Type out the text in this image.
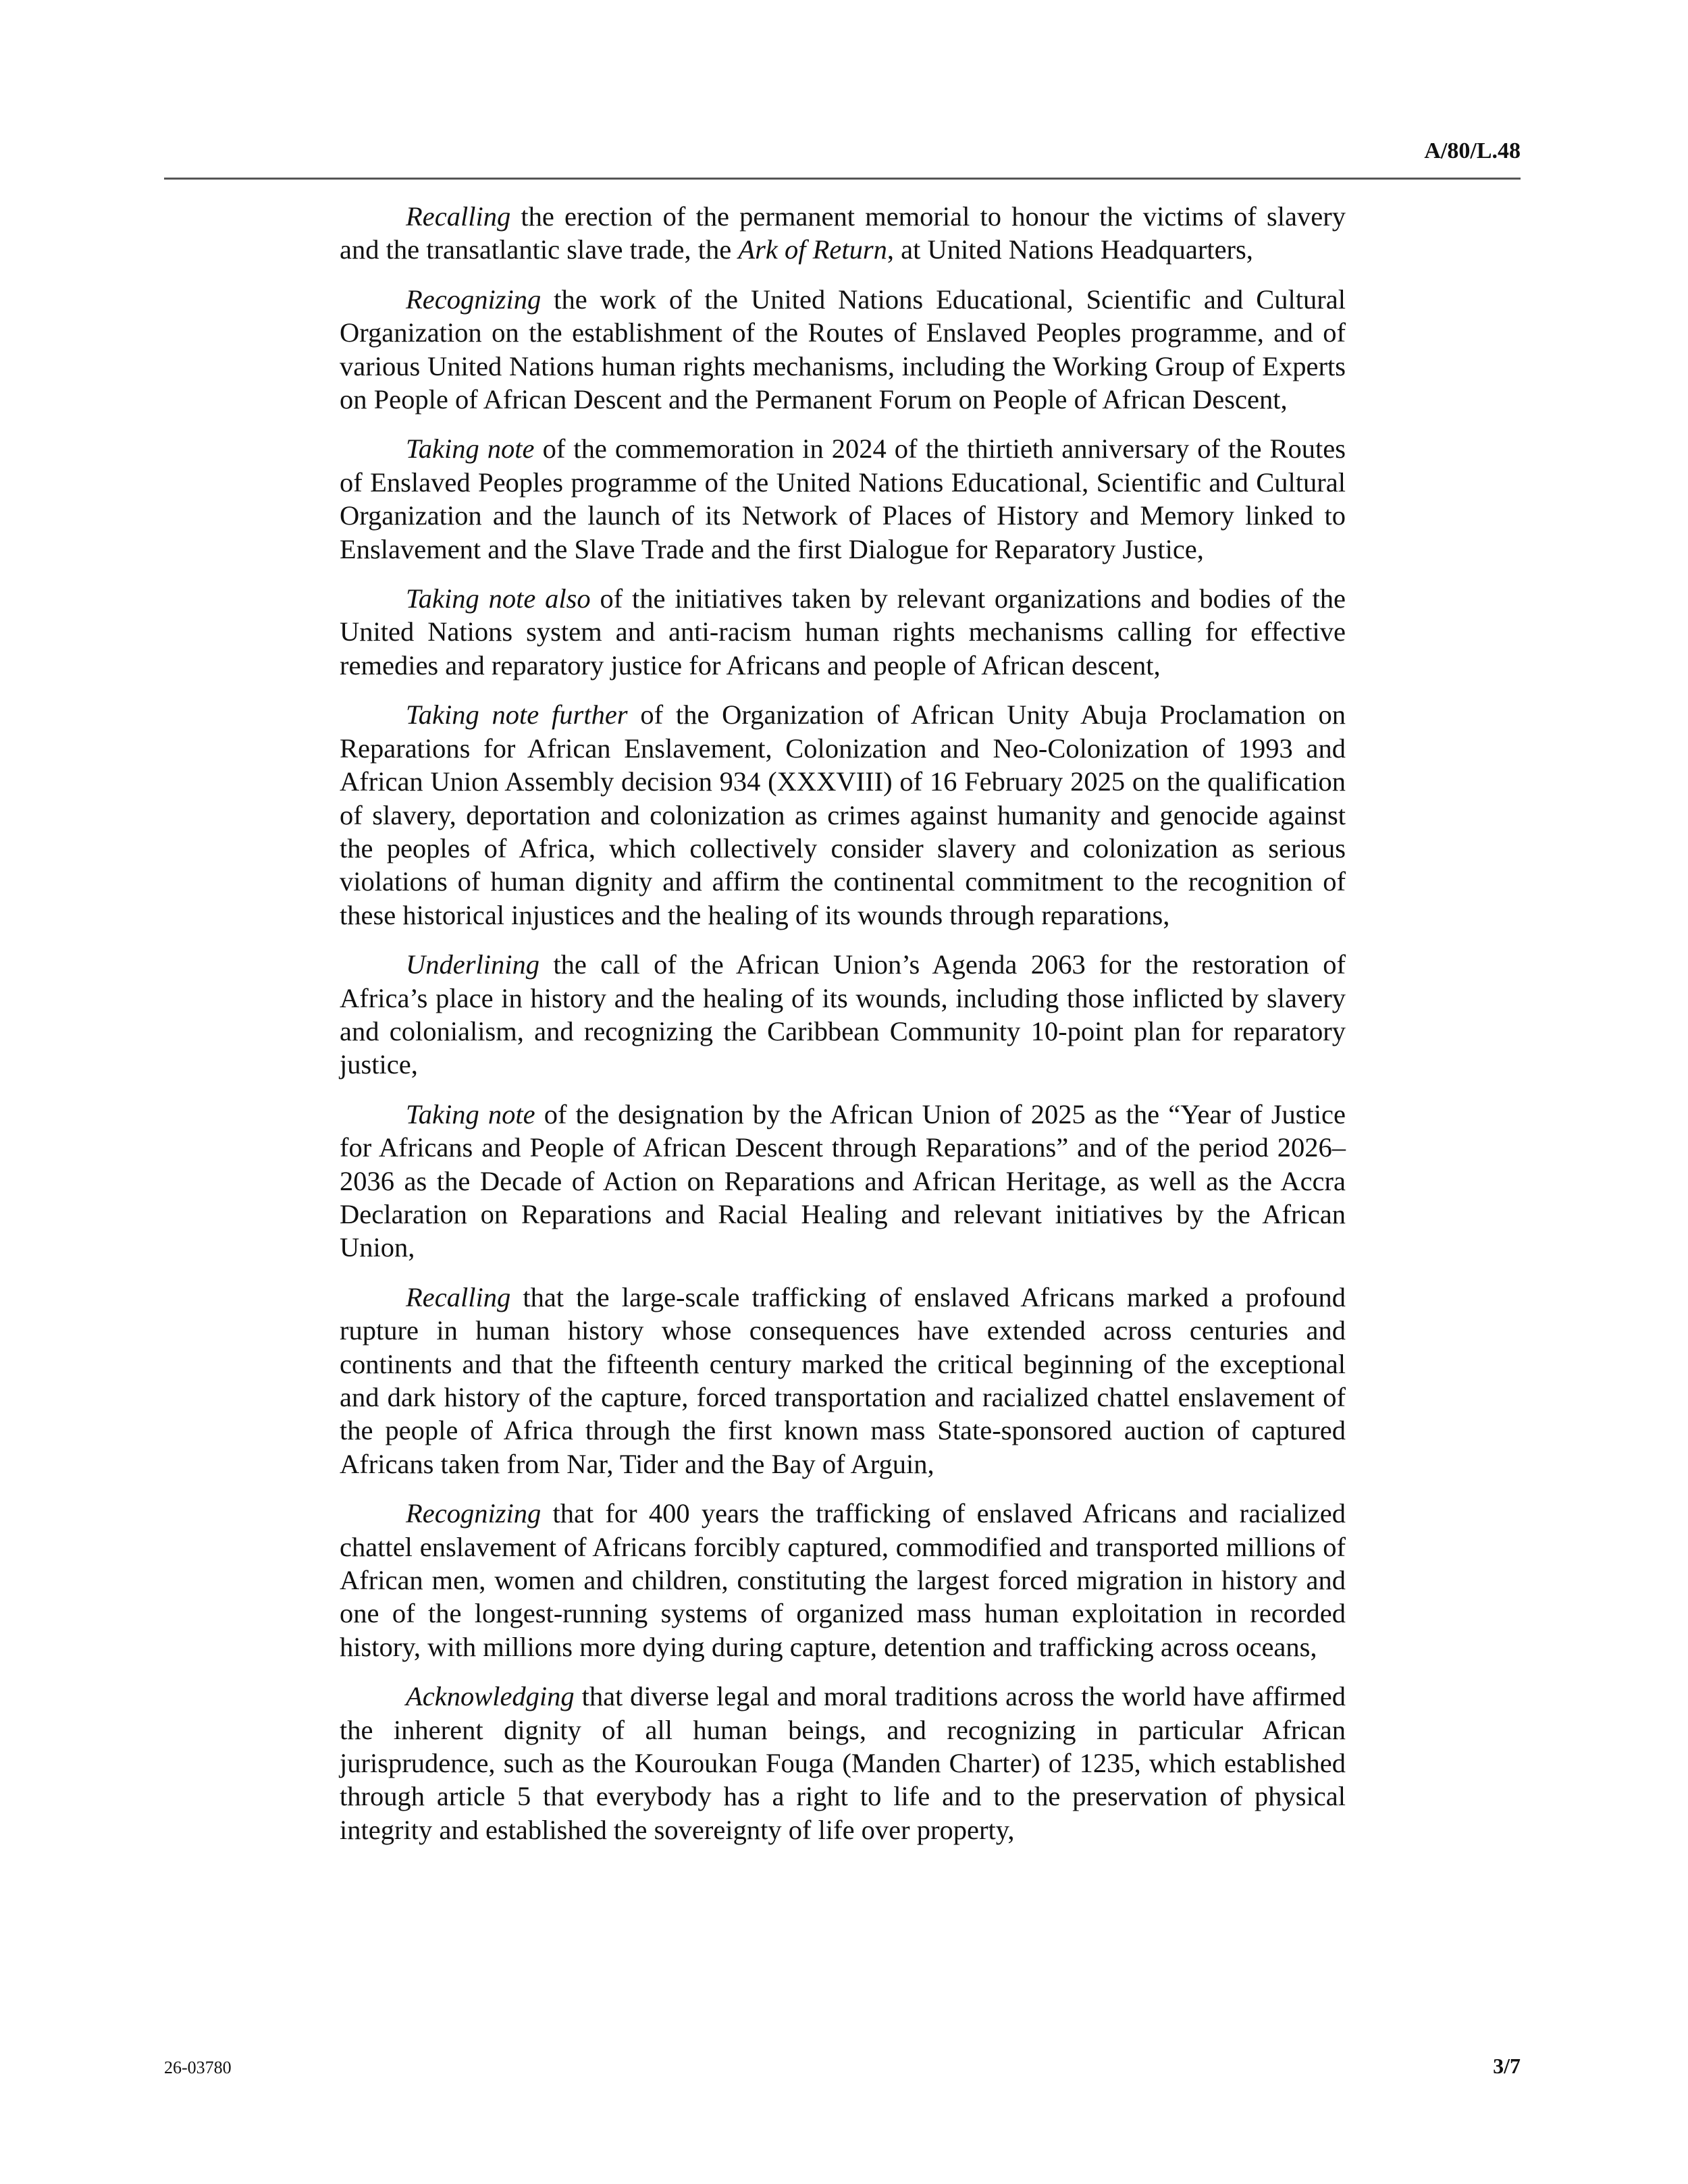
A/80/L.48

Recalling the erection of the permanent memorial to honour the victims of slavery and the transatlantic slave trade, the Ark of Return, at United Nations Headquarters,

Recognizing the work of the United Nations Educational, Scientific and Cultural Organization on the establishment of the Routes of Enslaved Peoples programme, and of various United Nations human rights mechanisms, including the Working Group of Experts on People of African Descent and the Permanent Forum on People of African Descent,

Taking note of the commemoration in 2024 of the thirtieth anniversary of the Routes of Enslaved Peoples programme of the United Nations Educational, Scientific and Cultural Organization and the launch of its Network of Places of History and Memory linked to Enslavement and the Slave Trade and the first Dialogue for Reparatory Justice,

Taking note also of the initiatives taken by relevant organizations and bodies of the United Nations system and anti-racism human rights mechanisms calling for effective remedies and reparatory justice for Africans and people of African descent,

Taking note further of the Organization of African Unity Abuja Proclamation on Reparations for African Enslavement, Colonization and Neo-Colonization of 1993 and African Union Assembly decision 934 (XXXVIII) of 16 February 2025 on the qualification of slavery, deportation and colonization as crimes against humanity and genocide against the peoples of Africa, which collectively consider slavery and colonization as serious violations of human dignity and affirm the continental commitment to the recognition of these historical injustices and the healing of its wounds through reparations,

Underlining the call of the African Union’s Agenda 2063 for the restoration of Africa’s place in history and the healing of its wounds, including those inflicted by slavery and colonialism, and recognizing the Caribbean Community 10-point plan for reparatory justice,

Taking note of the designation by the African Union of 2025 as the “Year of Justice for Africans and People of African Descent through Reparations” and of the period 2026–2036 as the Decade of Action on Reparations and African Heritage, as well as the Accra Declaration on Reparations and Racial Healing and relevant initiatives by the African Union,

Recalling that the large-scale trafficking of enslaved Africans marked a profound rupture in human history whose consequences have extended across centuries and continents and that the fifteenth century marked the critical beginning of the exceptional and dark history of the capture, forced transportation and racialized chattel enslavement of the people of Africa through the first known mass State-sponsored auction of captured Africans taken from Nar, Tider and the Bay of Arguin,

Recognizing that for 400 years the trafficking of enslaved Africans and racialized chattel enslavement of Africans forcibly captured, commodified and transported millions of African men, women and children, constituting the largest forced migration in history and one of the longest-running systems of organized mass human exploitation in recorded history, with millions more dying during capture, detention and trafficking across oceans,

Acknowledging that diverse legal and moral traditions across the world have affirmed the inherent dignity of all human beings, and recognizing in particular African jurisprudence, such as the Kouroukan Fouga (Manden Charter) of 1235, which established through article 5 that everybody has a right to life and to the preservation of physical integrity and established the sovereignty of life over property,

26-03780	3/7
